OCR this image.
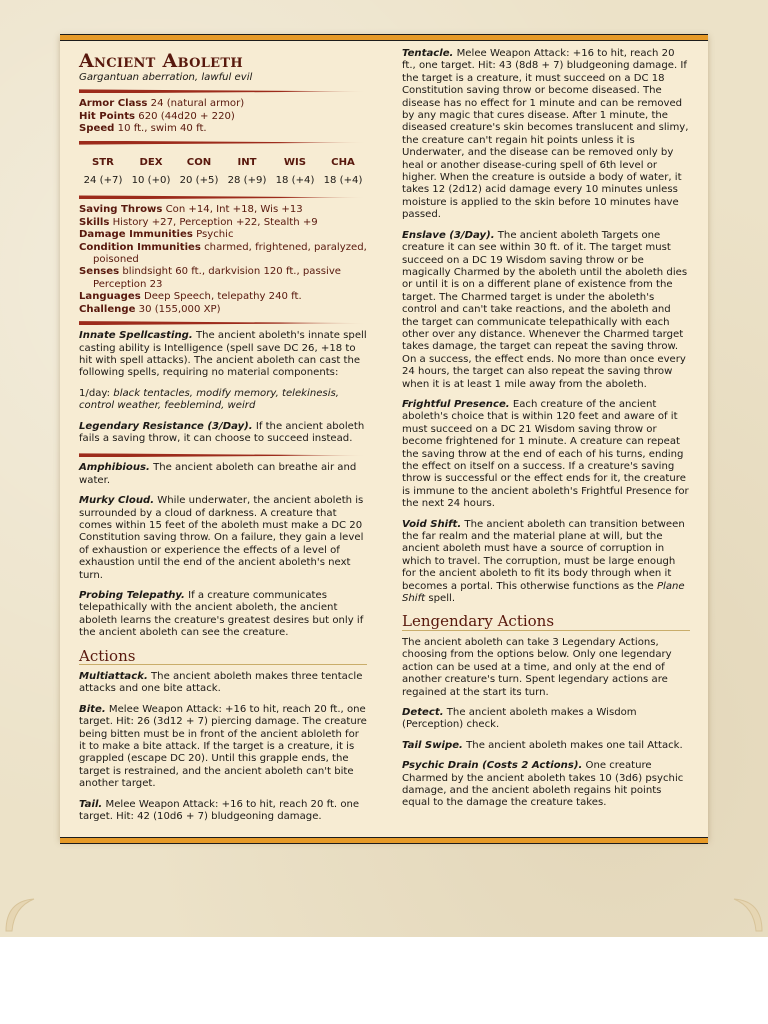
Ancient Aboleth
Gargantuan aberration, lawful evil
Armor Class 24 (natural armor)
Hit Points 620 (44d20 + 220)
Speed 10 ft., swim 40 ft.
STR
24 (+7)
DEX
10 (+0)
CON
20 (+5)
INT
28 (+9)
WIS
18 (+4)
CHA
18 (+4)
Saving Throws Con +14, Int +18, Wis +13
Skills History +27, Perception +22, Stealth +9
Damage Immunities Psychic
Condition Immunities charmed, frightened, paralyzed, poisoned
Senses blindsight 60 ft., darkvision 120 ft., passive Perception 23
Languages Deep Speech, telepathy 240 ft.
Challenge 30 (155,000 XP)

Innate Spellcasting. The ancient aboleth's innate spell casting ability is Intelligence (spell save DC 26, +18 to hit with spell attacks). The ancient aboleth can cast the following spells, requiring no material components:

1/day: black tentacles, modify memory, telekinesis, control weather, feeblemind, weird

Legendary Resistance (3/Day). If the ancient aboleth fails a saving throw, it can choose to succeed instead.

Amphibious. The ancient aboleth can breathe air and water.

Murky Cloud. While underwater, the ancient aboleth is surrounded by a cloud of darkness. A creature that comes within 15 feet of the aboleth must make a DC 20 Constitution saving throw. On a failure, they gain a level of exhaustion or experience the effects of a level of exhaustion until the end of the ancient aboleth's next turn.

Probing Telepathy. If a creature communicates telepathically with the ancient aboleth, the ancient aboleth learns the creature's greatest desires but only if the ancient aboleth can see the creature.

Actions

Multiattack. The ancient aboleth makes three tentacle attacks and one bite attack.

Bite. Melee Weapon Attack: +16 to hit, reach 20 ft., one target. Hit: 26 (3d12 + 7) piercing damage. The creature being bitten must be in front of the ancient abloleth for it to make a bite attack. If the target is a creature, it is grappled (escape DC 20). Until this grapple ends, the target is restrained, and the ancient aboleth can't bite another target.

Tail. Melee Weapon Attack: +16 to hit, reach 20 ft. one target. Hit: 42 (10d6 + 7) bludgeoning damage.

Tentacle. Melee Weapon Attack: +16 to hit, reach 20 ft., one target. Hit: 43 (8d8 + 7) bludgeoning damage. If the target is a creature, it must succeed on a DC 18 Constitution saving throw or become diseased. The disease has no effect for 1 minute and can be removed by any magic that cures disease. After 1 minute, the diseased creature's skin becomes translucent and slimy, the creature can't regain hit points unless it is Underwater, and the disease can be removed only by heal or another disease-curing spell of 6th level or higher. When the creature is outside a body of water, it takes 12 (2d12) acid damage every 10 minutes unless moisture is applied to the skin before 10 minutes have passed.

Enslave (3/Day). The ancient aboleth Targets one creature it can see within 30 ft. of it. The target must succeed on a DC 19 Wisdom saving throw or be magically Charmed by the aboleth until the aboleth dies or until it is on a different plane of existence from the target. The Charmed target is under the aboleth's control and can't take reactions, and the aboleth and the target can communicate telepathically with each other over any distance. Whenever the Charmed target takes damage, the target can repeat the saving throw. On a success, the effect ends. No more than once every 24 hours, the target can also repeat the saving throw when it is at least 1 mile away from the aboleth.

Frightful Presence. Each creature of the ancient aboleth's choice that is within 120 feet and aware of it must succeed on a DC 21 Wisdom saving throw or become frightened for 1 minute. A creature can repeat the saving throw at the end of each of his turns, ending the effect on itself on a success. If a creature's saving throw is successful or the effect ends for it, the creature is immune to the ancient aboleth's Frightful Presence for the next 24 hours.

Void Shift. The ancient aboleth can transition between the far realm and the material plane at will, but the ancient aboleth must have a source of corruption in which to travel. The corruption, must be large enough for the ancient aboleth to fit its body through when it becomes a portal. This otherwise functions as the Plane Shift spell.

Lengendary Actions

The ancient aboleth can take 3 Legendary Actions, choosing from the options below. Only one legendary action can be used at a time, and only at the end of another creature's turn. Spent legendary actions are regained at the start its turn.

Detect. The ancient aboleth makes a Wisdom (Perception) check.

Tail Swipe. The ancient aboleth makes one tail Attack.

Psychic Drain (Costs 2 Actions). One creature Charmed by the ancient aboleth takes 10 (3d6) psychic damage, and the ancient aboleth regains hit points equal to the damage the creature takes.
